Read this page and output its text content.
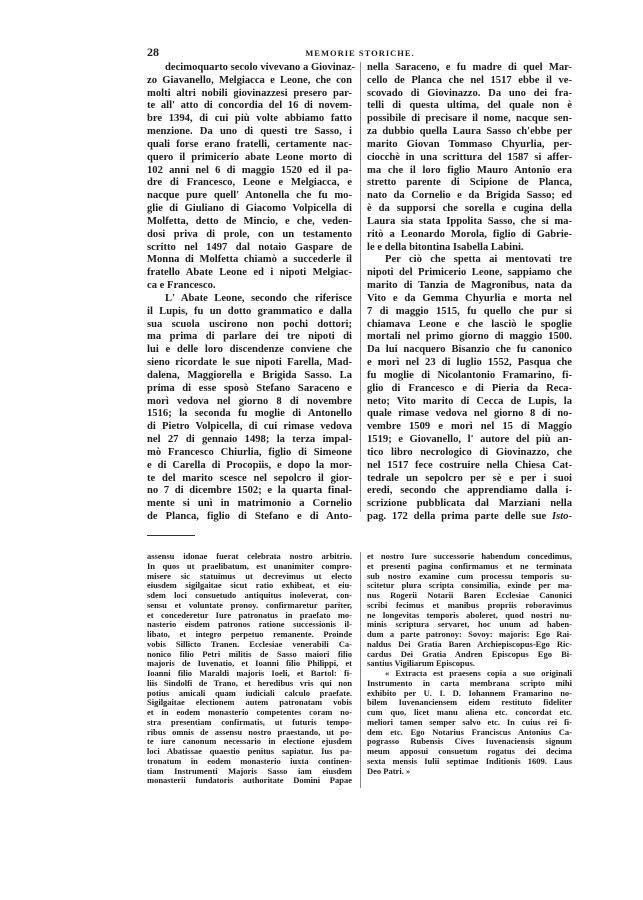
28	MEMORIE STORICHE.
decimoquarto secolo vivevano a Giovinaz-
zo Giavanello, Melgiacca e Leone, che con
molti altri nobili giovinazzesi presero par-
te all' atto di concordia del 16 di novem-
bre 1394, di cui più volte abbiamo fatto
menzione. Da uno di questi tre Sasso, i
quali forse erano fratelli, certamente nac-
quero il primicerio abate Leone morto di
102 anni nel 6 di maggio 1520 ed il pa-
dre di Francesco, Leone e Melgiacca, e
nacque pure quell' Antonella che fu mo-
glie di Giuliano di Giacomo Volpicella di
Molfetta, detto de Mincio, e che, veden-
dosi priva di prole, con un testamento
scritto nel 1497 dal notaio Gaspare de
Monna di Molfetta chiamò a succederle il
fratello Abate Leone ed i nipoti Melgiac-
ca e Francesco.
L' Abate Leone, secondo che riferisce
il Lupis, fu un dotto grammatico e dalla
sua scuola uscirono non pochi dottori;
ma prima di parlare dei tre nipoti di
lui e delle loro discendenze conviene che
sieno ricordate le sue nipoti Farella, Mad-
dalena, Maggiorella e Brigida Sasso. La
prima di esse sposò Stefano Saraceno e
morì vedova nel giorno 8 di novembre
1516; la seconda fu moglie di Antonello
di Pietro Volpicella, di cui rimase vedova
nel 27 di gennaio 1498; la terza impal-
mò Francesco Chiurlia, figlio di Simeone
e di Carella di Procopiis, e dopo la mor-
te del marito scesce nel sepolcro il gior-
no 7 di dicembre 1502; e la quarta final-
mente si unì in matrimonio a Cornelio
de Planca, figlio di Stefano e di Anto-
nella Saraceno, e fu madre di quel Mar-
cello de Planca che nel 1517 ebbe il ve-
scovado di Giovinazzo. Da uno dei fra-
telli di questa ultima, del quale non è
possibile di precisare il nome, nacque sen-
za dubbio quella Laura Sasso ch'ebbe per
marito Giovan Tommaso Chyurlia, per-
ciocchè in una scrittura del 1587 si affer-
ma che il loro figlio Mauro Antonio era
stretto parente di Scipione de Planca,
nato da Cornelio e da Brigida Sasso; ed
è da supporsi che sorella e cugina della
Laura sia stata Ippolita Sasso, che si ma-
ritò a Leonardo Morola, figlio di Gabrie-
le e della bitontina Isabella Labini.
Per ciò che spetta ai mentovati tre
nipoti del Primicerio Leone, sappiamo che
marito di Tanzia de Magronibus, nata da
Vito e da Gemma Chyurlia e morta nel
7 di maggio 1515, fu quello che pur si
chiamava Leone e che lasciò le spoglie
mortali nel primo giorno di maggio 1500.
Da lui nacquero Bisanzio che fu canonico
e morì nel 23 di luglio 1552, Pasqua che
fu moglie di Nicolantonio Framarino, fi-
glio di Francesco e di Pieria da Reca-
neto; Vito marito di Cecca de Lupis, la
quale rimase vedova nel giorno 8 di no-
vembre 1509 e morì nel 15 di Maggio
1519; e Giovanello, l' autore del più an-
tico libro necrologico di Giovinazzo, che
nel 1517 fece costruire nella Chiesa Cat-
tedrale un sepolcro per sè e per i suoi
eredi, secondo che apprendiamo dalla i-
scrizione pubblicata dal Marziani nella
pag. 172 della prima parte delle sue Isto-
assensu idonae fuerat celebrata nostro arbitrio.
In quos ut praelibatum, est unanimiter compro-
misere sic statuimus ut decrevimus ut electo
eiusdem sigilgaitae sicut ratio exhibeat, et eiu-
sdem loci consuetudo antiquitus inoleverat, con-
sensu et voluntate pronoy. confirmaretur pariter,
et concederetur Iure patronatus in praefato mo-
nasterio eisdem patronos ratione successionis il-
libato, et integro perpetuo remanente. Proinde
vobis Sillicto Tranen. Ecclesiae venerabili Ca-
nonico filio Petri militis de Sasso maiori filio
majoris de Iuvenatio, et Ioanni filio Philippi, et
Ioanni filio Maraldi majoris Ioeli, et Bartol: fi-
liis Sindolfi de Trano, et heredibus vris qui non
potius amicali quam iudiciali calculo praefate.
Sigilgaitae electionem autem patronatam vobis
et in eodem monasterio competentes coram no-
stra presentiam confirmatis, ut futuris tempo-
ribus omnis de assensu nostro praestando, ut po-
te iure canonum necessario in electione ejusdem
loci Abatissae quaestio penitus sapiatur. Ius pa-
tronatum in eodem monasterio iuxta continen-
tiam Instrumenti Majoris Sasso iam eiusdem
monasterii fundatoris authoritate Domini Papae
et nostro Iure successorie habendum concedimus,
et presenti pagina confirmamus et ne terminata
sub nostro examine cum processu temporis su-
scitetur plura scripta consimilia, exinde per ma-
nus Rogerii Notarii Baren Ecclesiae Canonici
scribi fecimus et manibus propriis roboravimus
ne longevitas temporis aboleret, quod nostri nu-
minis scriptura servaret, hoc unum ad haben-
dum a parte patronoy: Sovoy: majoris: Ego Rai-
naldus Dei Gratia Baren Archiepiscopus-Ego Ric-
cardus Dei Gratia Andren Episcopus Ego Bi-
santius Vigiliarum Episcopus.
« Extracta est praesens copia a suo originali
Instrumento in carta membrana scripto mihi
exhibito per U. I. D. Iohannem Framarino no-
bilem Iuvenanciensem eidem restituto fideliter
cum quo, licet manu aliena etc. concordat etc.
meliori tamen semper salvo etc. In cuius rei fi-
dem etc. Ego Notarius Franciscus Antonius Ca-
pograsso Rubensis Cives Iuvenaciensis signum
meum apposui consuetum rogatus dei decima
sexta mensis Iulii septimae Inditionis 1609. Laus
Deo Patri. »
